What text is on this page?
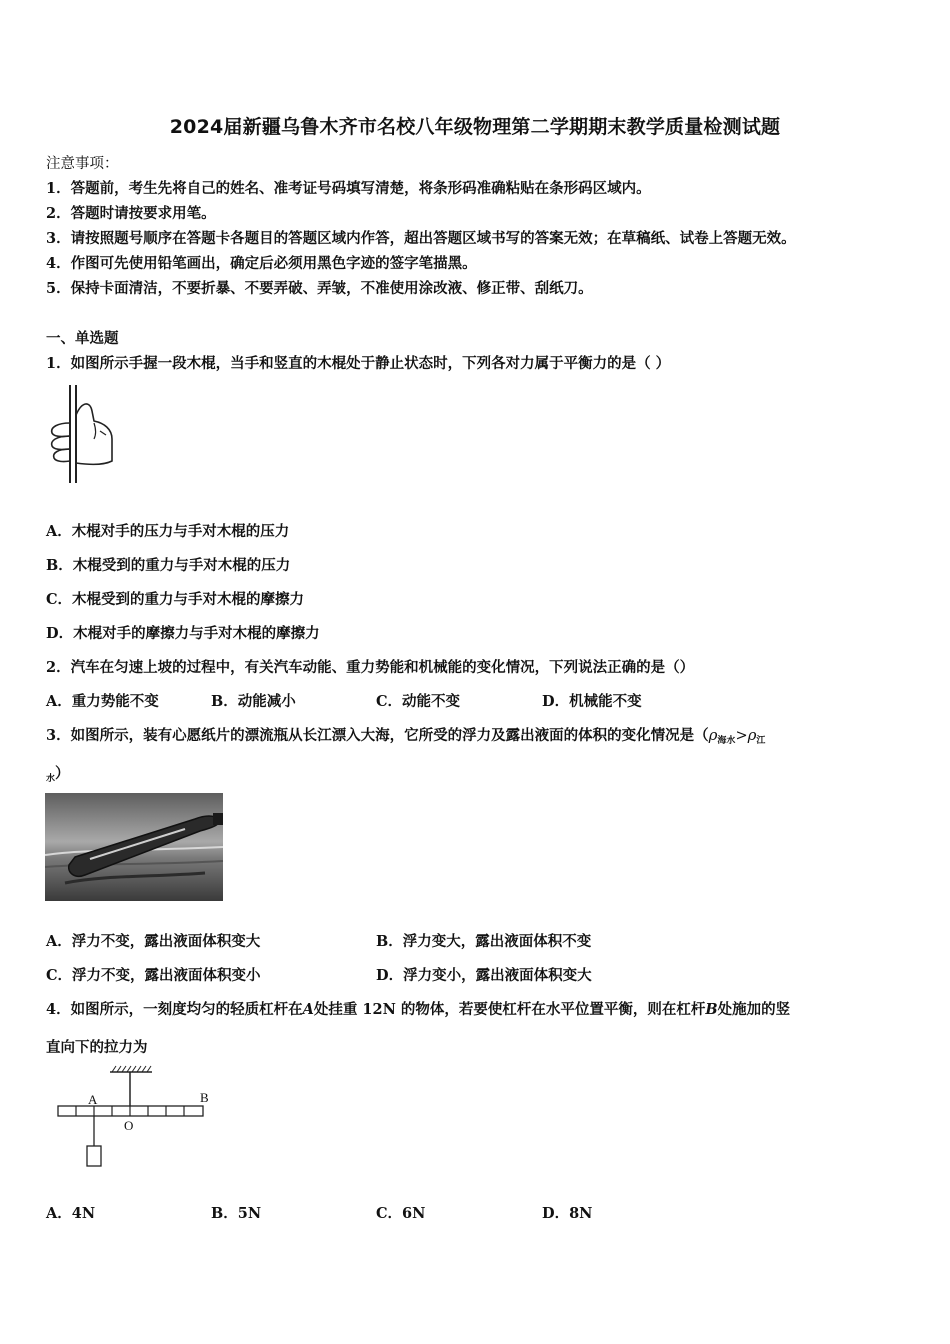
2024届新疆乌鲁木齐市名校八年级物理第二学期期末教学质量检测试题
注意事项：
1．答题前，考生先将自己的姓名、准考证号码填写清楚，将条形码准确粘贴在条形码区域内。
2．答题时请按要求用笔。
3．请按照题号顺序在答题卡各题目的答题区域内作答，超出答题区域书写的答案无效；在草稿纸、试卷上答题无效。
4．作图可先使用铅笔画出，确定后必须用黑色字迹的签字笔描黑。
5．保持卡面清洁，不要折暴、不要弄破、弄皱，不准使用涂改液、修正带、刮纸刀。
一、单选题
1．如图所示手握一段木棍，当手和竖直的木棍处于静止状态时，下列各对力属于平衡力的是（ ）
A．木棍对手的压力与手对木棍的压力
B．木棍受到的重力与手对木棍的压力
C．木棍受到的重力与手对木棍的摩擦力
D．木棍对手的摩擦力与手对木棍的摩擦力
2．汽车在匀速上坡的过程中，有关汽车动能、重力势能和机械能的变化情况，下列说法正确的是（）
A．重力势能不变	B．动能减小	C．动能不变	D．机械能不变
3．如图所示，装有心愿纸片的漂流瓶从长江漂入大海，它所受的浮力及露出液面的体积的变化情况是（$\rho_{海水}>\rho_江$
$_水$）
A．浮力不变，露出液面体积变大	B．浮力变大，露出液面体积不变
C．浮力不变，露出液面体积变小	D．浮力变小，露出液面体积变大
4．如图所示，一刻度均匀的轻质杠杆在A处挂重 12N 的物体，若要使杠杆在水平位置平衡，则在杠杆B处施加的竖
直向下的拉力为
A	B
O
A．4N	B．5N	C．6N	D．8N
